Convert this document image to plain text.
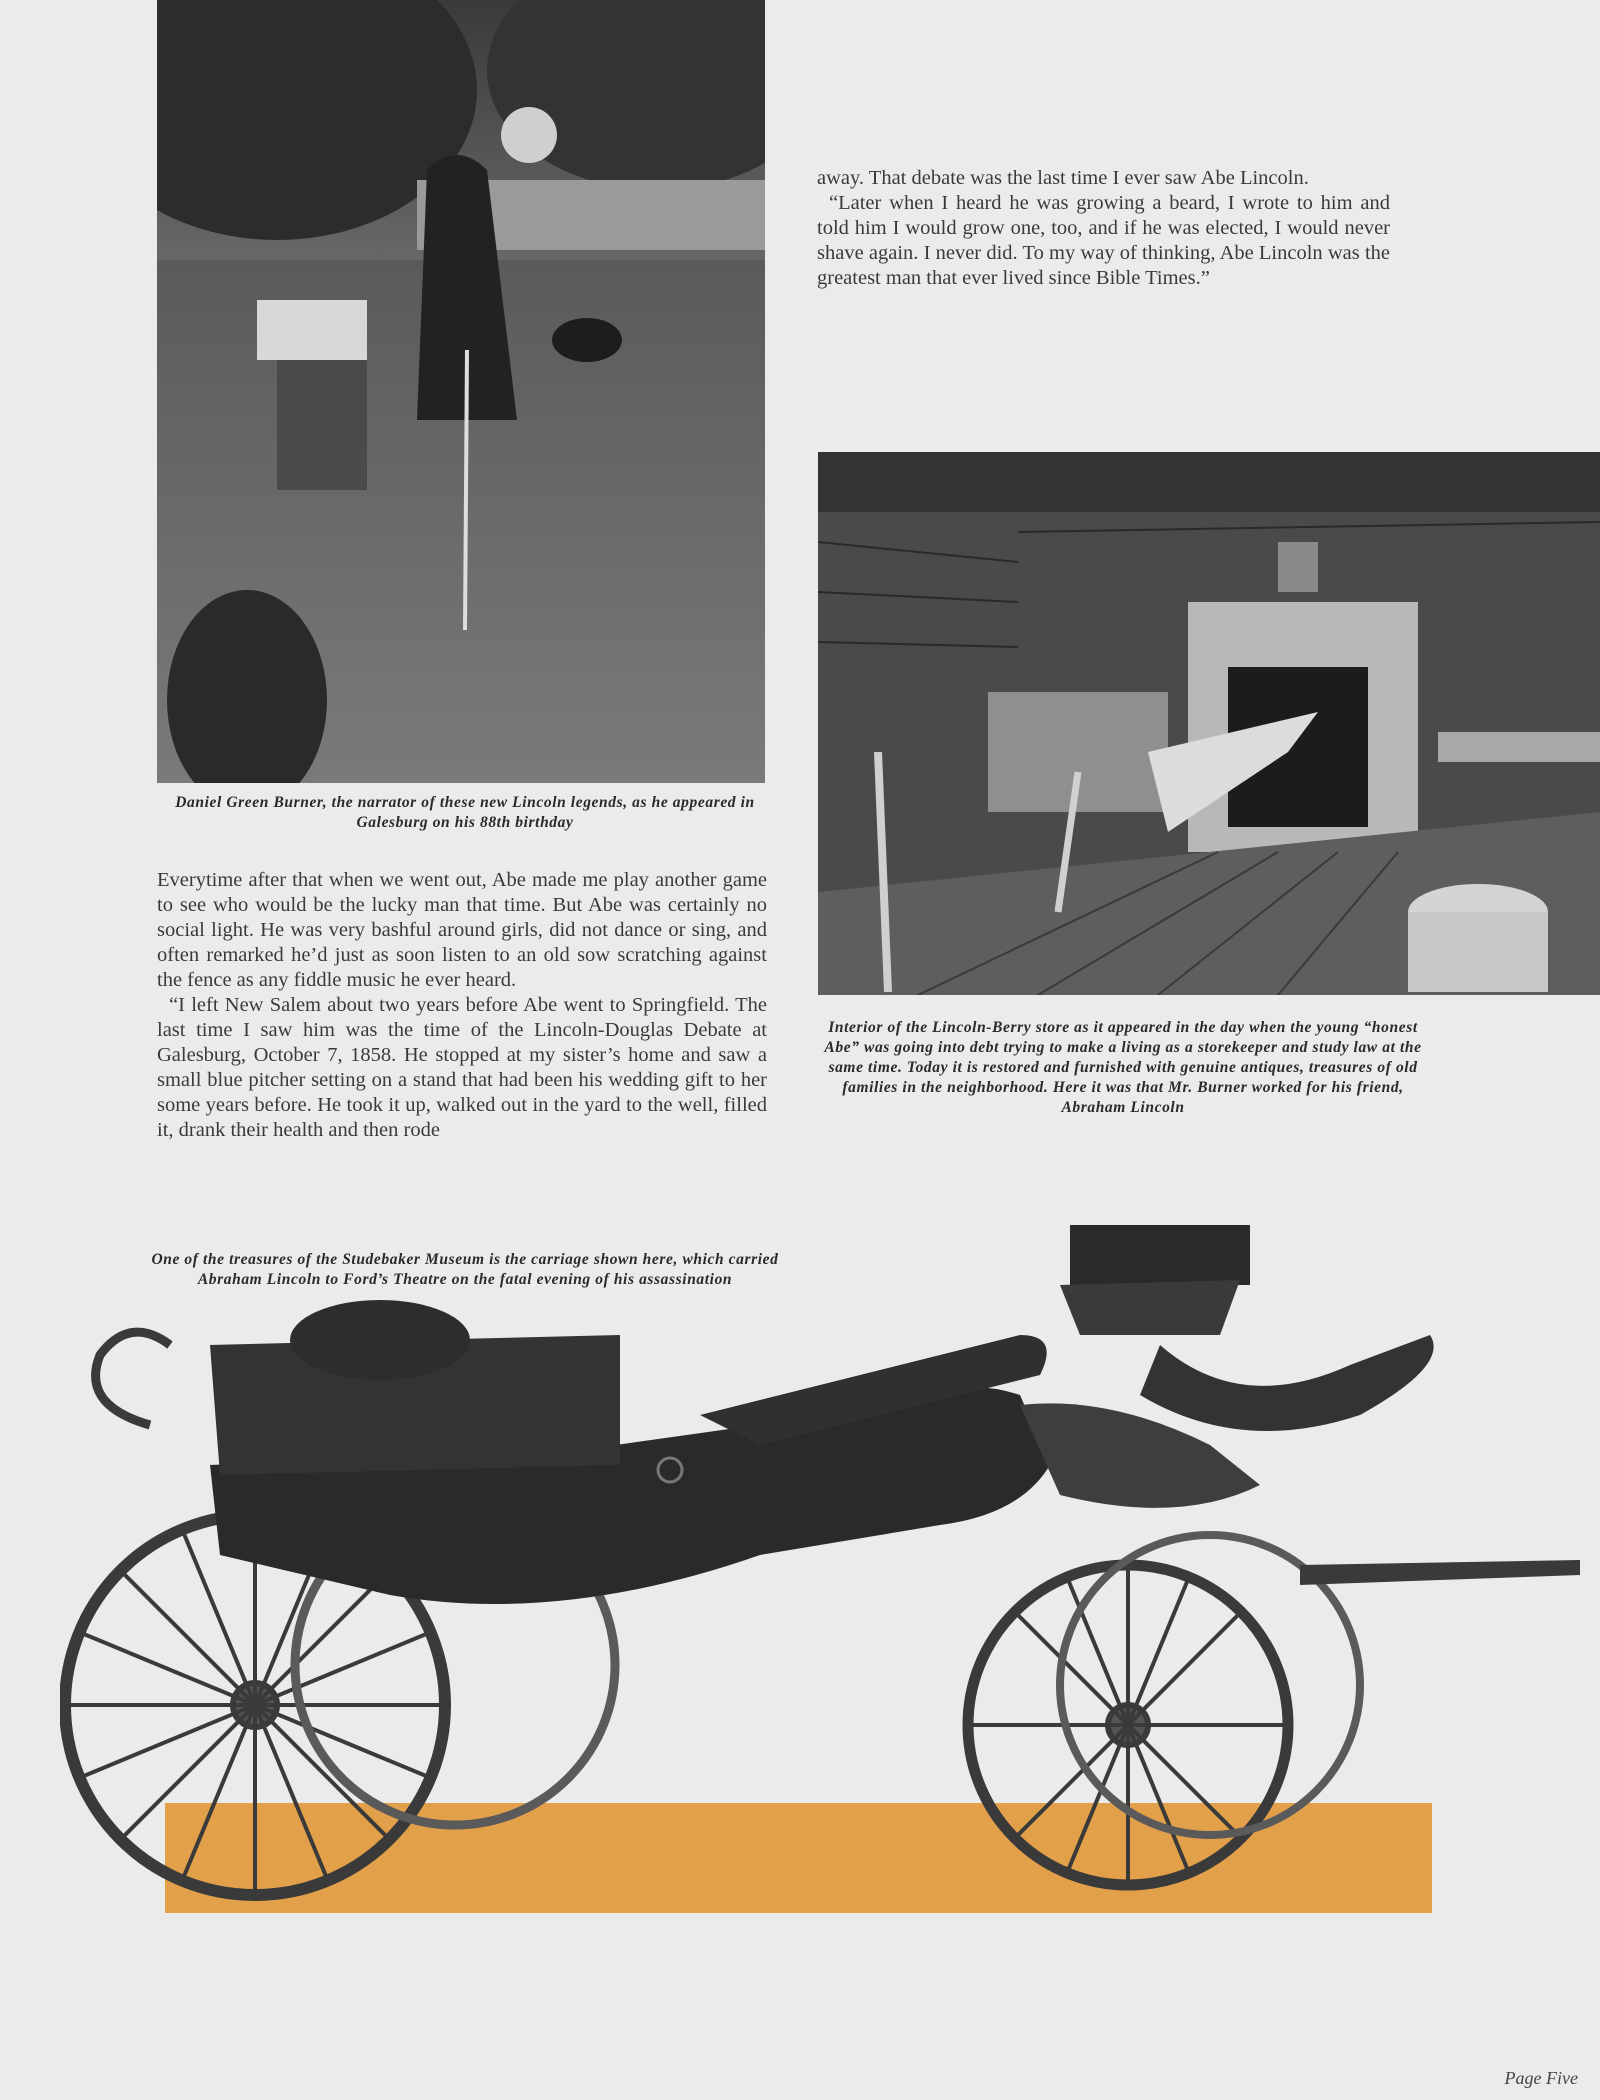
Daniel Green Burner, the narrator of these new Lincoln legends, as he appeared in Galesburg on his 88th birthday

Everytime after that when we went out, Abe made me play another game to see who would be the lucky man that time. But Abe was certainly no social light. He was very bashful around girls, did not dance or sing, and often remarked he’d just as soon listen to an old sow scratching against the fence as any fiddle music he ever heard.

“I left New Salem about two years before Abe went to Springfield. The last time I saw him was the time of the Lincoln-Douglas Debate at Galesburg, October 7, 1858. He stopped at my sister’s home and saw a small blue pitcher setting on a stand that had been his wedding gift to her some years before. He took it up, walked out in the yard to the well, filled it, drank their health and then rode

away. That debate was the last time I ever saw Abe Lincoln.

“Later when I heard he was growing a beard, I wrote to him and told him I would grow one, too, and if he was elected, I would never shave again. I never did. To my way of thinking, Abe Lincoln was the greatest man that ever lived since Bible Times.”

Interior of the Lincoln-Berry store as it appeared in the day when the young “honest Abe” was going into debt trying to make a living as a storekeeper and study law at the same time. Today it is restored and furnished with genuine antiques, treasures of old families in the neighborhood. Here it was that Mr. Burner worked for his friend, Abraham Lincoln
One of the treasures of the Studebaker Museum is the carriage shown here, which carried Abraham Lincoln to Ford’s Theatre on the fatal evening of his assassination
Page Five
